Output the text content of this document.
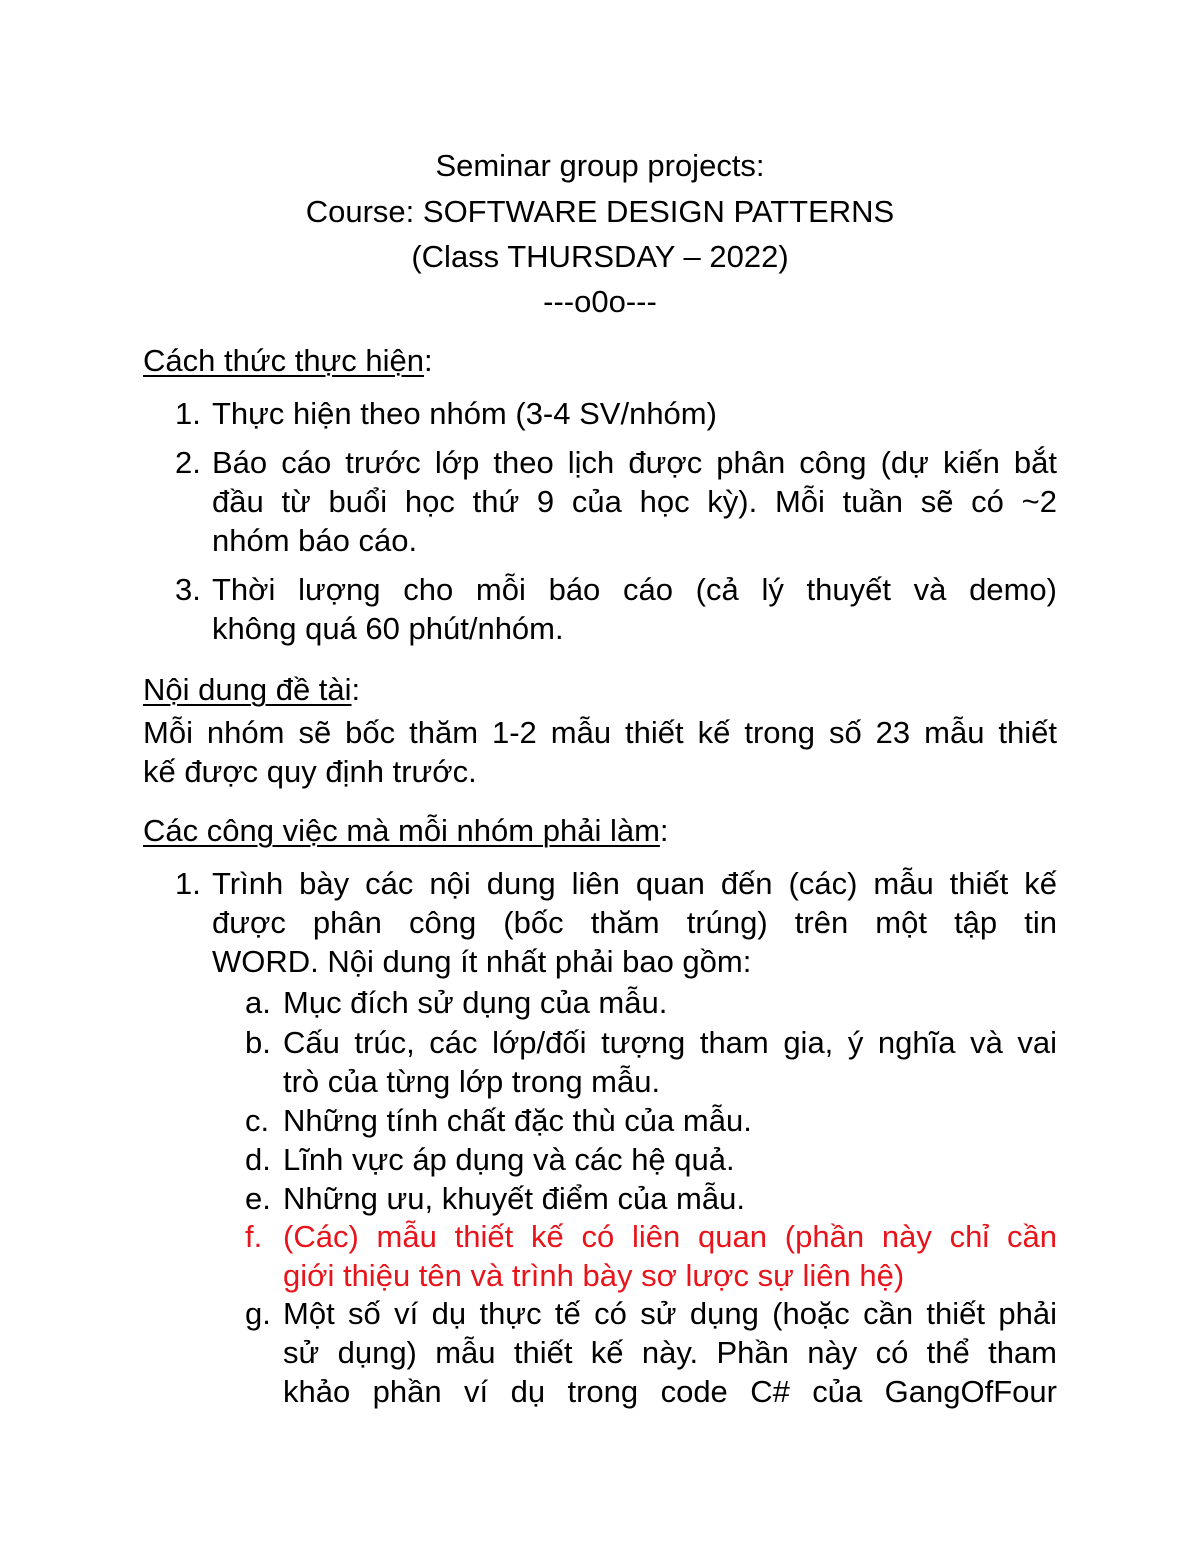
Seminar group projects:
Course: SOFTWARE DESIGN PATTERNS
(Class THURSDAY – 2022)
---o0o---
Cách thức thực hiện:
1. Thực hiện theo nhóm (3-4 SV/nhóm)
2. Báo cáo trước lớp theo lịch được phân công (dự kiến bắt
đầu từ buổi học thứ 9 của học kỳ). Mỗi tuần sẽ có ~2
nhóm báo cáo.
3. Thời lượng cho mỗi báo cáo (cả lý thuyết và demo)
không quá 60 phút/nhóm.
Nội dung đề tài:
Mỗi nhóm sẽ bốc thăm 1-2 mẫu thiết kế trong số 23 mẫu thiết
kế được quy định trước.
Các công việc mà mỗi nhóm phải làm:
1. Trình bày các nội dung liên quan đến (các) mẫu thiết kế
được phân công (bốc thăm trúng) trên một tập tin
WORD. Nội dung ít nhất phải bao gồm:
a. Mục đích sử dụng của mẫu.
b. Cấu trúc, các lớp/đối tượng tham gia, ý nghĩa và vai
trò của từng lớp trong mẫu.
c. Những tính chất đặc thù của mẫu.
d. Lĩnh vực áp dụng và các hệ quả.
e. Những ưu, khuyết điểm của mẫu.
f. (Các) mẫu thiết kế có liên quan (phần này chỉ cần
giới thiệu tên và trình bày sơ lược sự liên hệ)
g. Một số ví dụ thực tế có sử dụng (hoặc cần thiết phải
sử dụng) mẫu thiết kế này. Phần này có thể tham
khảo phần ví dụ trong code C# của GangOfFour
